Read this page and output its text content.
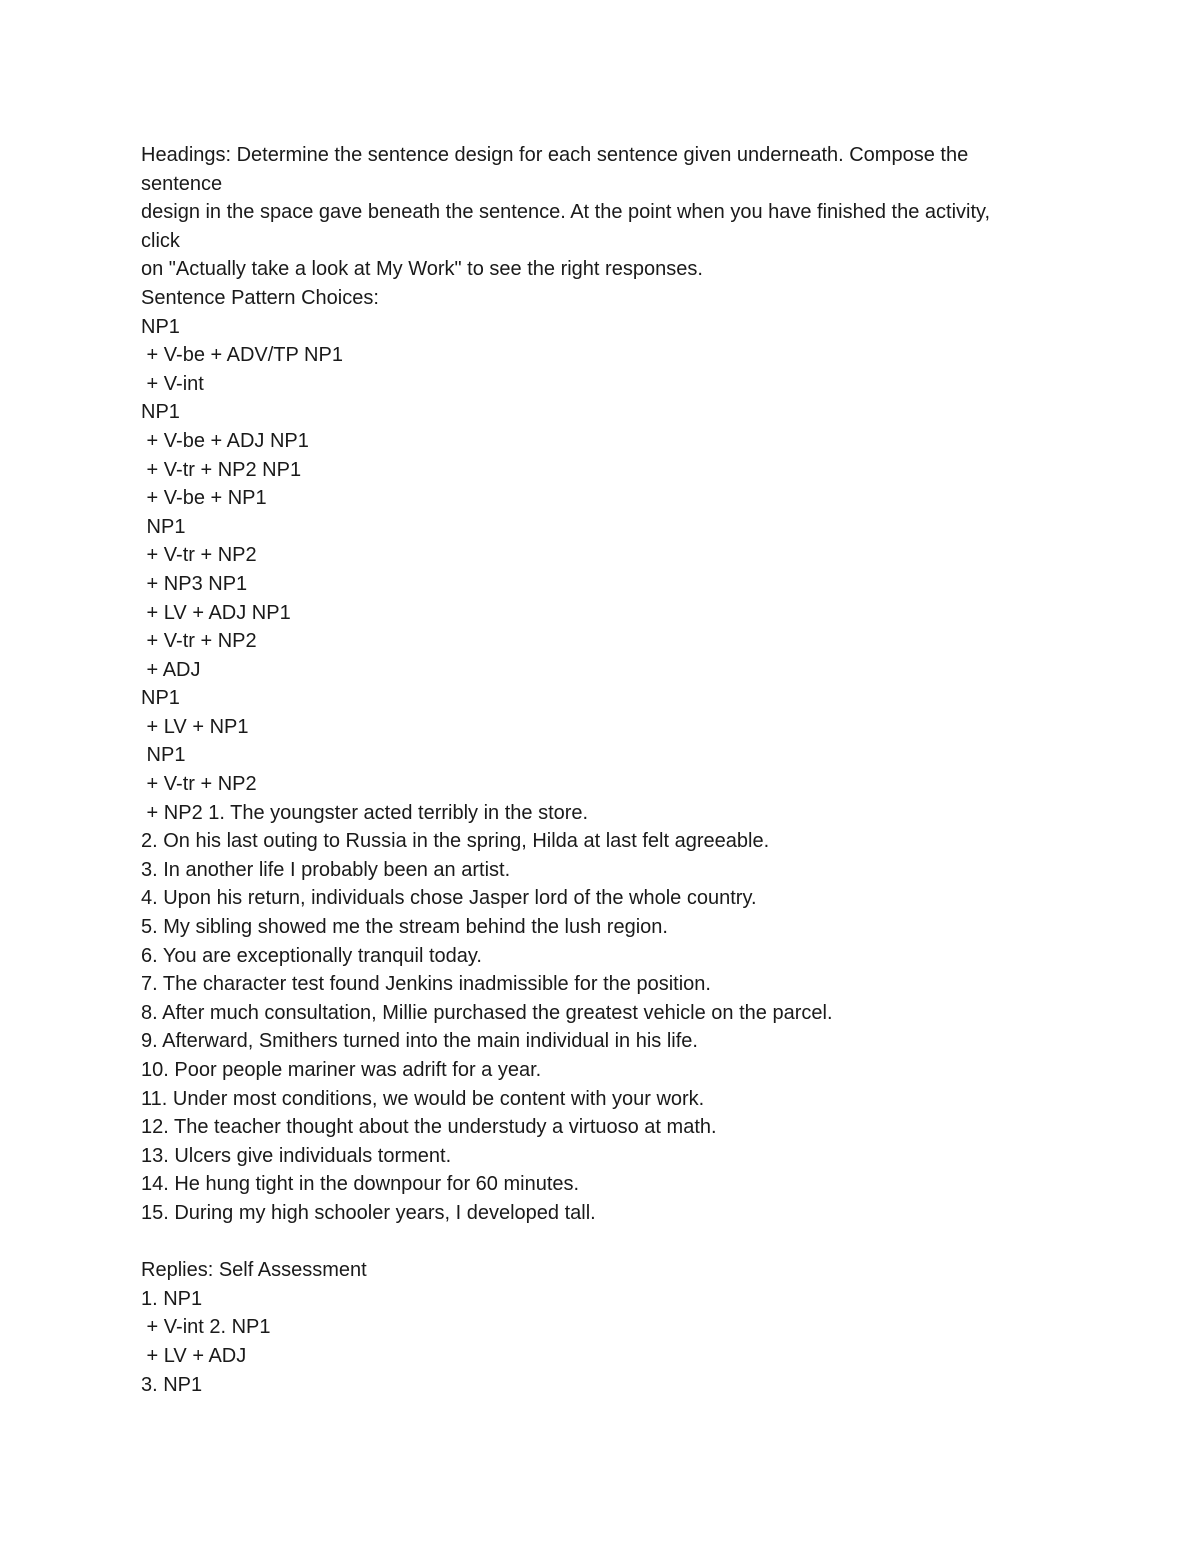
Headings: Determine the sentence design for each sentence given underneath. Compose the
sentence
design in the space gave beneath the sentence. At the point when you have finished the activity,
click
on "Actually take a look at My Work" to see the right responses.
Sentence Pattern Choices:
NP1
+ V-be + ADV/TP NP1
+ V-int
NP1
+ V-be + ADJ NP1
+ V-tr + NP2 NP1
+ V-be + NP1
NP1
+ V-tr + NP2
+ NP3 NP1
+ LV + ADJ NP1
+ V-tr + NP2
+ ADJ
NP1
+ LV + NP1
NP1
+ V-tr + NP2
+ NP2 1. The youngster acted terribly in the store.
2. On his last outing to Russia in the spring, Hilda at last felt agreeable.
3. In another life I probably been an artist.
4. Upon his return, individuals chose Jasper lord of the whole country.
5. My sibling showed me the stream behind the lush region.
6. You are exceptionally tranquil today.
7. The character test found Jenkins inadmissible for the position.
8. After much consultation, Millie purchased the greatest vehicle on the parcel.
9. Afterward, Smithers turned into the main individual in his life.
10. Poor people mariner was adrift for a year.
11. Under most conditions, we would be content with your work.
12. The teacher thought about the understudy a virtuoso at math.
13. Ulcers give individuals torment.
14. He hung tight in the downpour for 60 minutes.
15. During my high schooler years, I developed tall.
Replies: Self Assessment
1. NP1
+ V-int 2. NP1
+ LV + ADJ
3. NP1
